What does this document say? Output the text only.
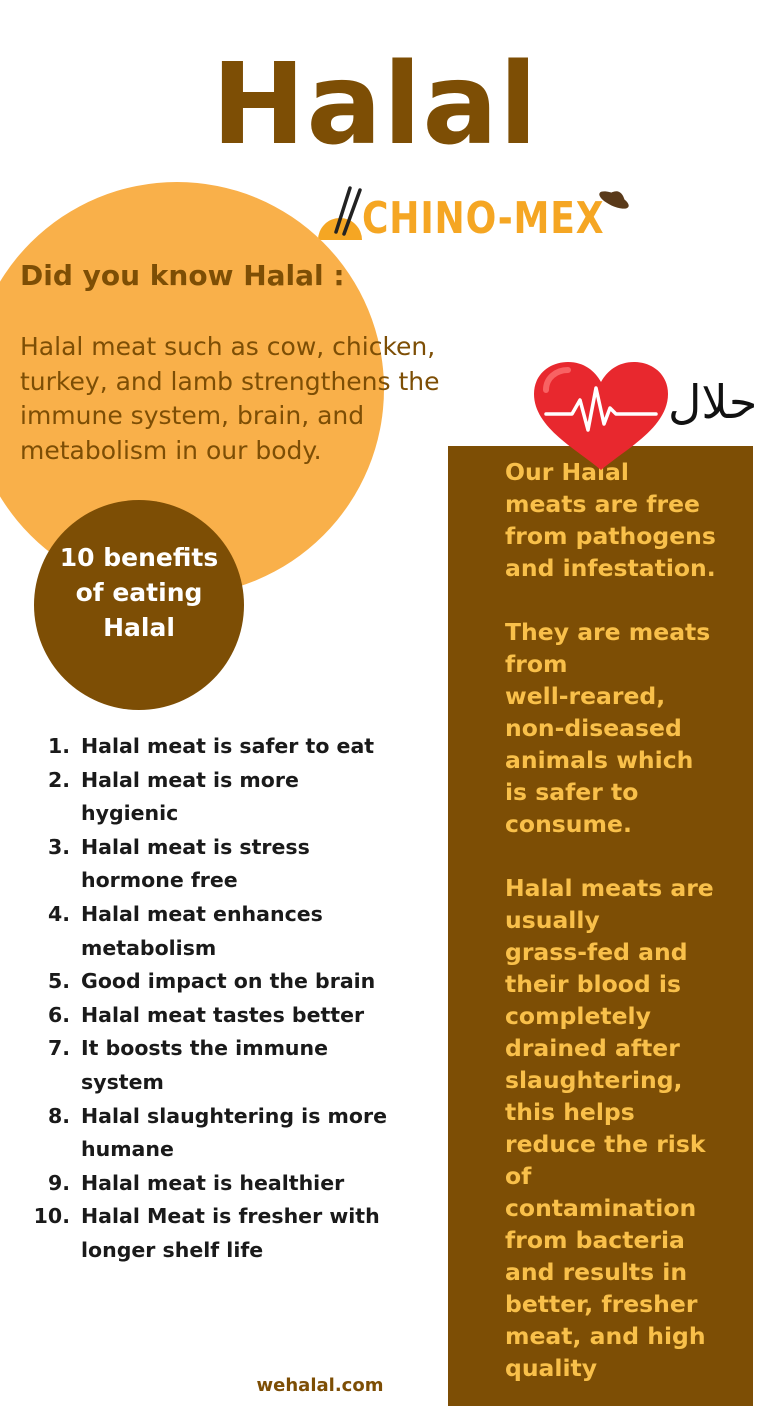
Halal
CHINO-MEX
Did you know Halal :
Halal meat such as cow, chicken, turkey, and lamb strengthens the immune system, brain, and metabolism in our body.
10 benefits
of eating
Halal
1. Halal meat is safer to eat
2. Halal meat is more hygienic
3. Halal meat is stress hormone free
4. Halal meat enhances metabolism
5. Good impact on the brain
6. Halal meat tastes better
7. It boosts the immune system
8. Halal slaughtering is more humane
9. Halal meat is healthier
10. Halal Meat is fresher with longer shelf life
Our Halal
meats are free
from pathogens
and infestation.

They are meats
from
well-reared,
non-diseased
animals which
is safer to
consume.

Halal meats are
usually
grass-fed and
their blood is
completely
drained after
slaughtering,
this helps
reduce the risk
of
contamination
from bacteria
and results in
better, fresher
meat, and high
quality
حلال
wehalal.com
